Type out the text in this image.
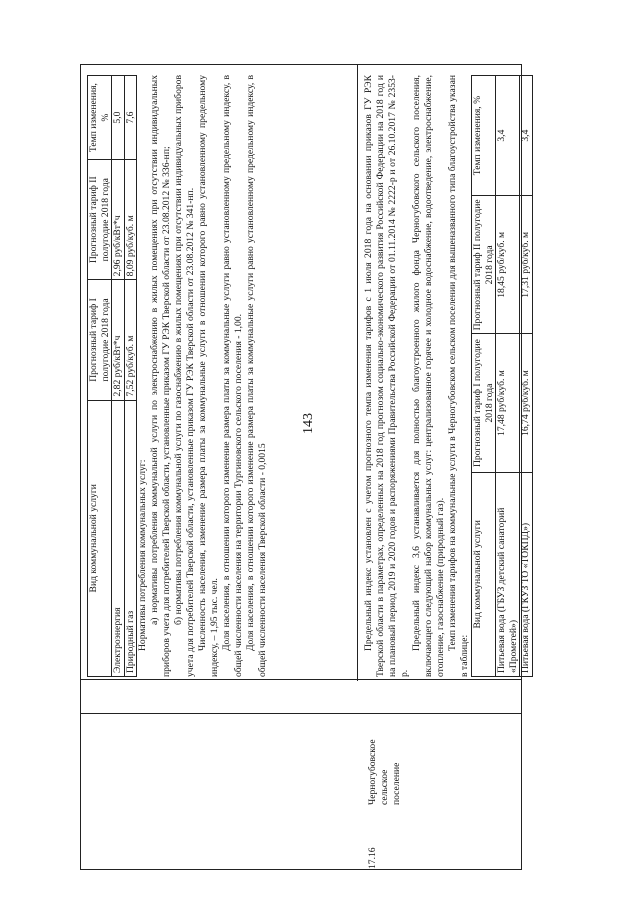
143
17.16
Черногубовское сельское поселение
Вид коммунальной услуги	Прогнозный тариф I полугодие 2018 года	Прогнозный тариф II полугодие 2018 года	Темп изменения, %
Электроэнергия	2,82 руб/кВт*ч	2,96 руб/кВт*ч	5,0
Природный газ	7,52 руб/куб. м	8,09 руб/куб. м	7,6

Нормативы потребления коммунальных услуг: а) нормативы потребления коммунальной услуги по электроснабжению в жилых помещениях при отсутствии индивидуальных приборов учета для потребителей Тверской области, установленные приказом ГУ РЭК Тверской области от 23.08.2012 № 336-нп; б) нормативы потребления коммунальной услуги по газоснабжению в жилых помещениях при отсутствии индивидуальных приборов учета для потребителей Тверской области, установленные приказом ГУ РЭК Тверской области от 23.08.2012 № 341-нп. Численность населения, изменение размера платы за коммунальные услуги в отношении которого равно установленному предельному индексу, – 1,95 тыс. чел. Доля населения, в отношении которого изменение размера платы за коммунальные услуги равно установленному предельному индексу, в общей численности населения на территории Тургиновского сельского поселения - 1,00. Доля населения, в отношении которого изменение размера платы за коммунальные услуги равно установленному предельному индексу, в общей численности населения Тверской области - 0,0015	Предельный индекс установлен с учетом прогнозного темпа изменения тарифов с 1 июля 2018 года на основании приказов ГУ РЭК Тверской области в параметрах, определенных на 2018 год прогнозом социально-экономического развития Российской Федерации на 2018 год и на плановый период 2019 и 2020 годов и распоряжениями Правительства Российской Федерации от 01.11.2014 № 2222-р и от 26.10.2017 № 2353-р.

Предельный индекс 3,6 устанавливается для полностью благоустроенного жилого фонда Черногубовского сельского поселения, включающего следующий набор коммунальных услуг: централизованное горячее и холодное водоснабжение, водоотведение, электроснабжение, отопление, газоснабжение (природный газ). Темп изменения тарифов на коммунальные услуги в Черногубовском сельском поселении для вышеназванного типа благоустройства указан в таблице:

Вид коммунальной услуги	Прогнозный тариф I полугодие 2018 года	Прогнозный тариф II полугодие 2018 года	Темп изменения, %
Питьевая вода (ГБУЗ детский санаторий «Прометей»)	17,48 руб/куб. м	18,45 руб/куб. м	3,4
Питьевая вода (ГКУЗ ТО «ТОКПД»)	16,74 руб/куб. м	17,31 руб/куб. м	3,4
